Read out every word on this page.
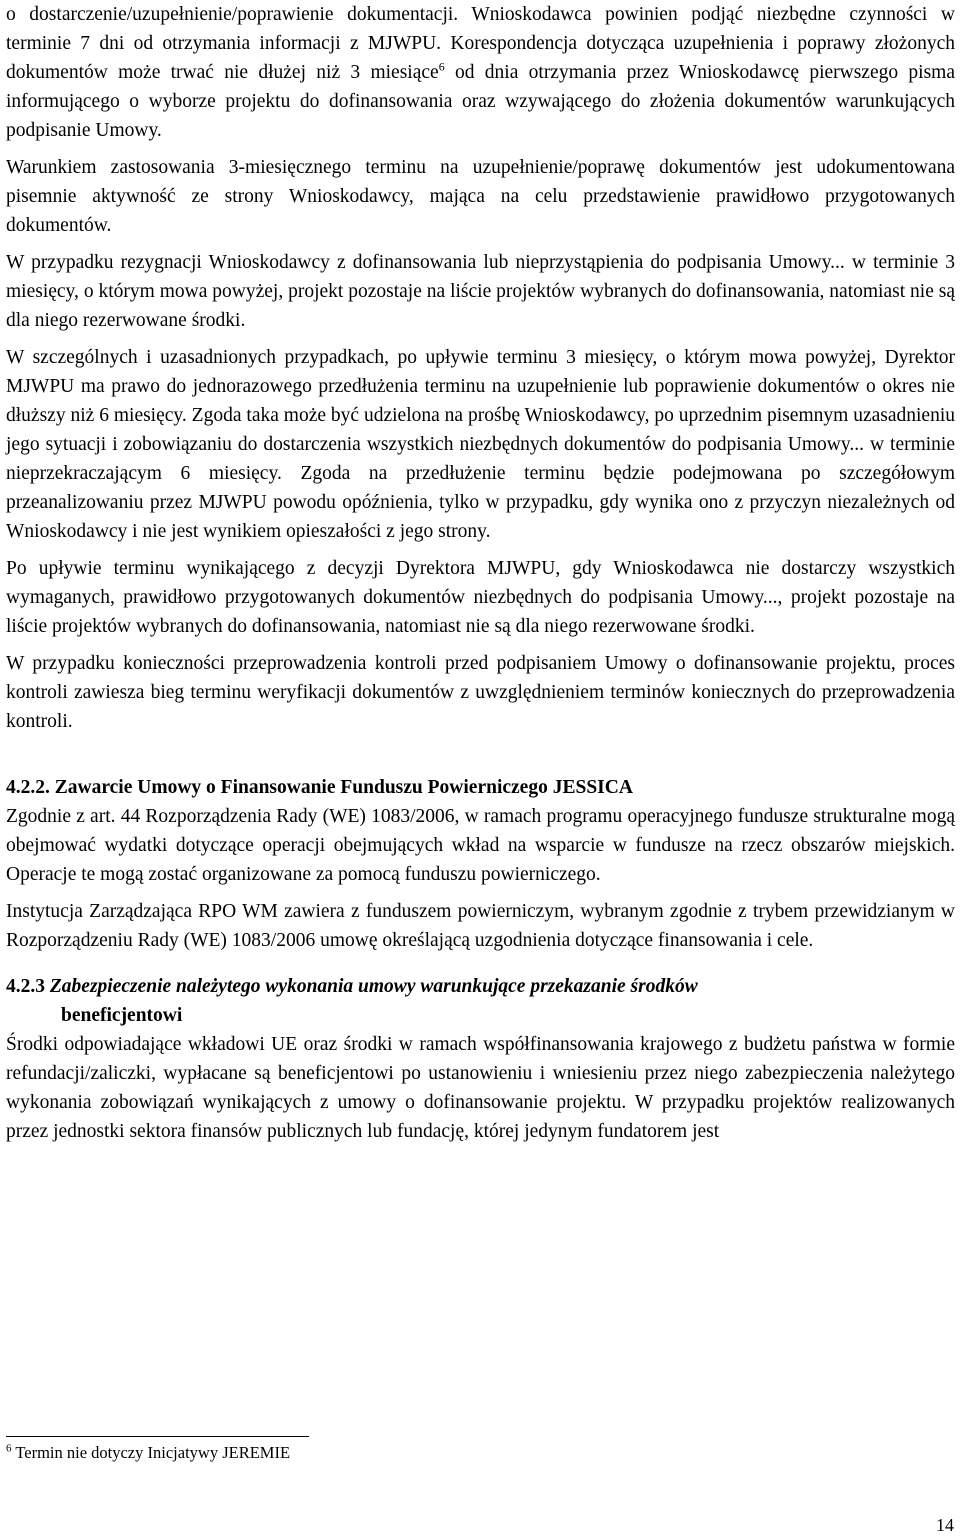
o dostarczenie/uzupełnienie/poprawienie dokumentacji. Wnioskodawca powinien podjąć niezbędne czynności w terminie 7 dni od otrzymania informacji z MJWPU. Korespondencja dotycząca uzupełnienia i poprawy złożonych dokumentów może trwać nie dłużej niż 3 miesiące$^6$ od dnia otrzymania przez Wnioskodawcę pierwszego pisma informującego o wyborze projektu do dofinansowania oraz wzywającego do złożenia dokumentów warunkujących podpisanie Umowy.

Warunkiem zastosowania 3-miesięcznego terminu na uzupełnienie/poprawę dokumentów jest udokumentowana pisemnie aktywność ze strony Wnioskodawcy, mająca na celu przedstawienie prawidłowo przygotowanych dokumentów.

W przypadku rezygnacji Wnioskodawcy z dofinansowania lub nieprzystąpienia do podpisania Umowy... w terminie 3 miesięcy, o którym mowa powyżej, projekt pozostaje na liście projektów wybranych do dofinansowania, natomiast nie są dla niego rezerwowane środki.

W szczególnych i uzasadnionych przypadkach, po upływie terminu 3 miesięcy, o którym mowa powyżej, Dyrektor MJWPU ma prawo do jednorazowego przedłużenia terminu na uzupełnienie lub poprawienie dokumentów o okres nie dłuższy niż 6 miesięcy. Zgoda taka może być udzielona na prośbę Wnioskodawcy, po uprzednim pisemnym uzasadnieniu jego sytuacji i zobowiązaniu do dostarczenia wszystkich niezbędnych dokumentów do podpisania Umowy... w terminie nieprzekraczającym 6 miesięcy. Zgoda na przedłużenie terminu będzie podejmowana po szczegółowym przeanalizowaniu przez MJWPU powodu opóźnienia, tylko w przypadku, gdy wynika ono z przyczyn niezależnych od Wnioskodawcy i nie jest wynikiem opieszałości z jego strony.

Po upływie terminu wynikającego z decyzji Dyrektora MJWPU, gdy Wnioskodawca nie dostarczy wszystkich wymaganych, prawidłowo przygotowanych dokumentów niezbędnych do podpisania Umowy..., projekt pozostaje na liście projektów wybranych do dofinansowania, natomiast nie są dla niego rezerwowane środki.

W przypadku konieczności przeprowadzenia kontroli przed podpisaniem Umowy o dofinansowanie projektu, proces kontroli zawiesza bieg terminu weryfikacji dokumentów z uwzględnieniem terminów koniecznych do przeprowadzenia kontroli.

4.2.2. Zawarcie Umowy o Finansowanie Funduszu Powierniczego JESSICA

Zgodnie z art. 44 Rozporządzenia Rady (WE) 1083/2006, w ramach programu operacyjnego fundusze strukturalne mogą obejmować wydatki dotyczące operacji obejmujących wkład na wsparcie w fundusze na rzecz obszarów miejskich. Operacje te mogą zostać organizowane za pomocą funduszu powierniczego.

Instytucja Zarządzająca RPO WM zawiera z funduszem powierniczym, wybranym zgodnie z trybem przewidzianym w Rozporządzeniu Rady (WE) 1083/2006 umowę określającą uzgodnienia dotyczące finansowania i cele.

4.2.3 Zabezpieczenie należytego wykonania umowy warunkujące przekazanie środków
beneficjentowi

Środki odpowiadające wkładowi UE oraz środki w ramach współfinansowania krajowego z budżetu państwa w formie refundacji/zaliczki, wypłacane są beneficjentowi po ustanowieniu i wniesieniu przez niego zabezpieczenia należytego wykonania zobowiązań wynikających z umowy o dofinansowanie projektu. W przypadku projektów realizowanych przez jednostki sektora finansów publicznych lub fundację, której jedynym fundatorem jest

$^6$ Termin nie dotyczy Inicjatywy JEREMIE

14
